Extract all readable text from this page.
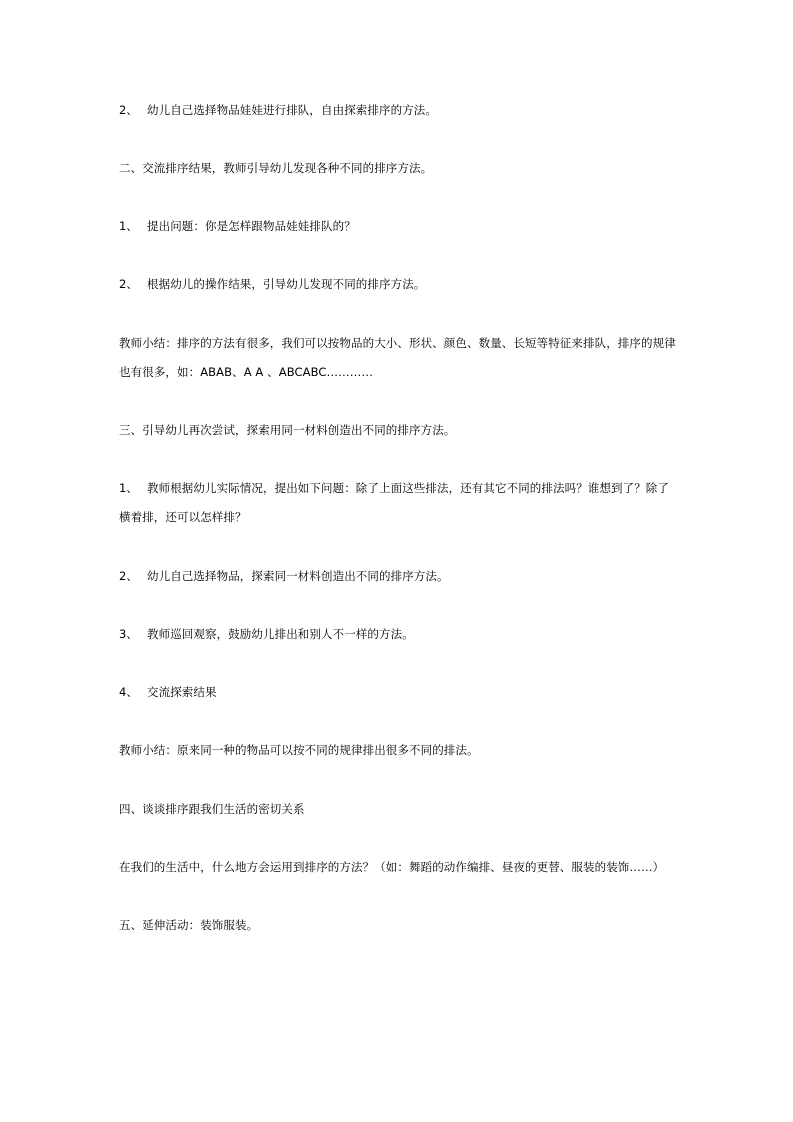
2、 幼儿自己选择物品娃娃进行排队，自由探索排序的方法。
二、交流排序结果，教师引导幼儿发现各种不同的排序方法。
1、 提出问题：你是怎样跟物品娃娃排队的？
2、 根据幼儿的操作结果，引导幼儿发现不同的排序方法。
教师小结：排序的方法有很多，我们可以按物品的大小、形状、颜色、数量、长短等特征来排队，排序的规律也有很多，如：ABAB、A A 、ABCABC…………
三、引导幼儿再次尝试，探索用同一材料创造出不同的排序方法。
1、 教师根据幼儿实际情况，提出如下问题：除了上面这些排法，还有其它不同的排法吗？谁想到了？除了横着排，还可以怎样排？
2、 幼儿自己选择物品，探索同一材料创造出不同的排序方法。
3、 教师巡回观察，鼓励幼儿排出和别人不一样的方法。
4、 交流探索结果
教师小结：原来同一种的物品可以按不同的规律排出很多不同的排法。
四、谈谈排序跟我们生活的密切关系
在我们的生活中，什么地方会运用到排序的方法？（如：舞蹈的动作编排、昼夜的更替、服装的装饰……）
五、延伸活动：装饰服装。
